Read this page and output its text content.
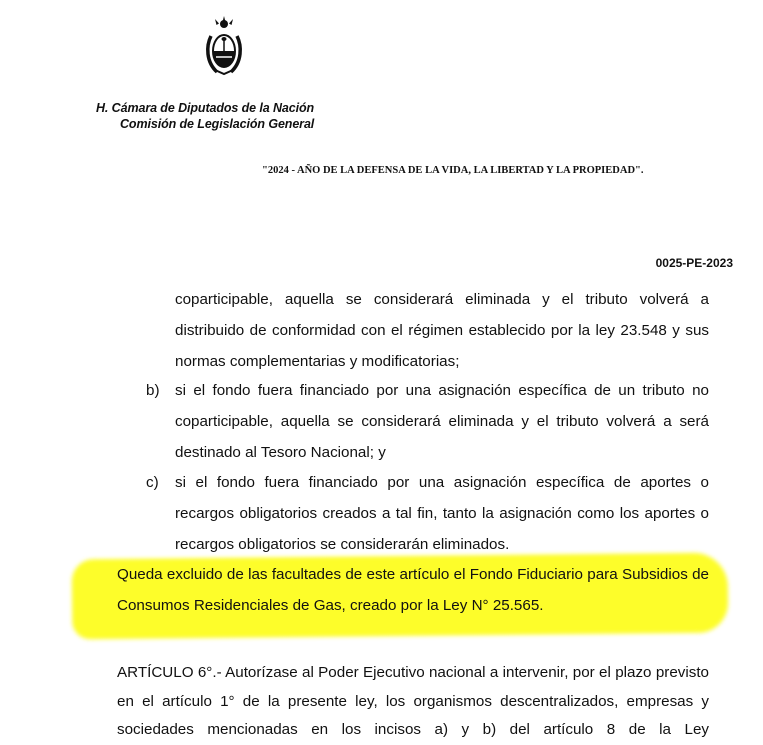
H. Cámara de Diputados de la Nación
Comisión de Legislación General
"2024 - AÑO DE LA DEFENSA DE LA VIDA, LA LIBERTAD Y LA PROPIEDAD".
0025-PE-2023
coparticipable, aquella se considerará eliminada y el tributo volverá a distribuido de conformidad con el régimen establecido por la ley 23.548 y sus normas complementarias y modificatorias;
b) si el fondo fuera financiado por una asignación específica de un tributo no coparticipable, aquella se considerará eliminada y el tributo volverá a será destinado al Tesoro Nacional; y
c) si el fondo fuera financiado por una asignación específica de aportes o recargos obligatorios creados a tal fin, tanto la asignación como los aportes o recargos obligatorios se considerarán eliminados.
Queda excluido de las facultades de este artículo el Fondo Fiduciario para Subsidios de Consumos Residenciales de Gas, creado por la Ley N° 25.565.
ARTÍCULO 6°.- Autorízase al Poder Ejecutivo nacional a intervenir, por el plazo previsto en el artículo 1° de la presente ley, los organismos descentralizados, empresas y sociedades mencionadas en los incisos a) y b) del artículo 8 de la Ley
